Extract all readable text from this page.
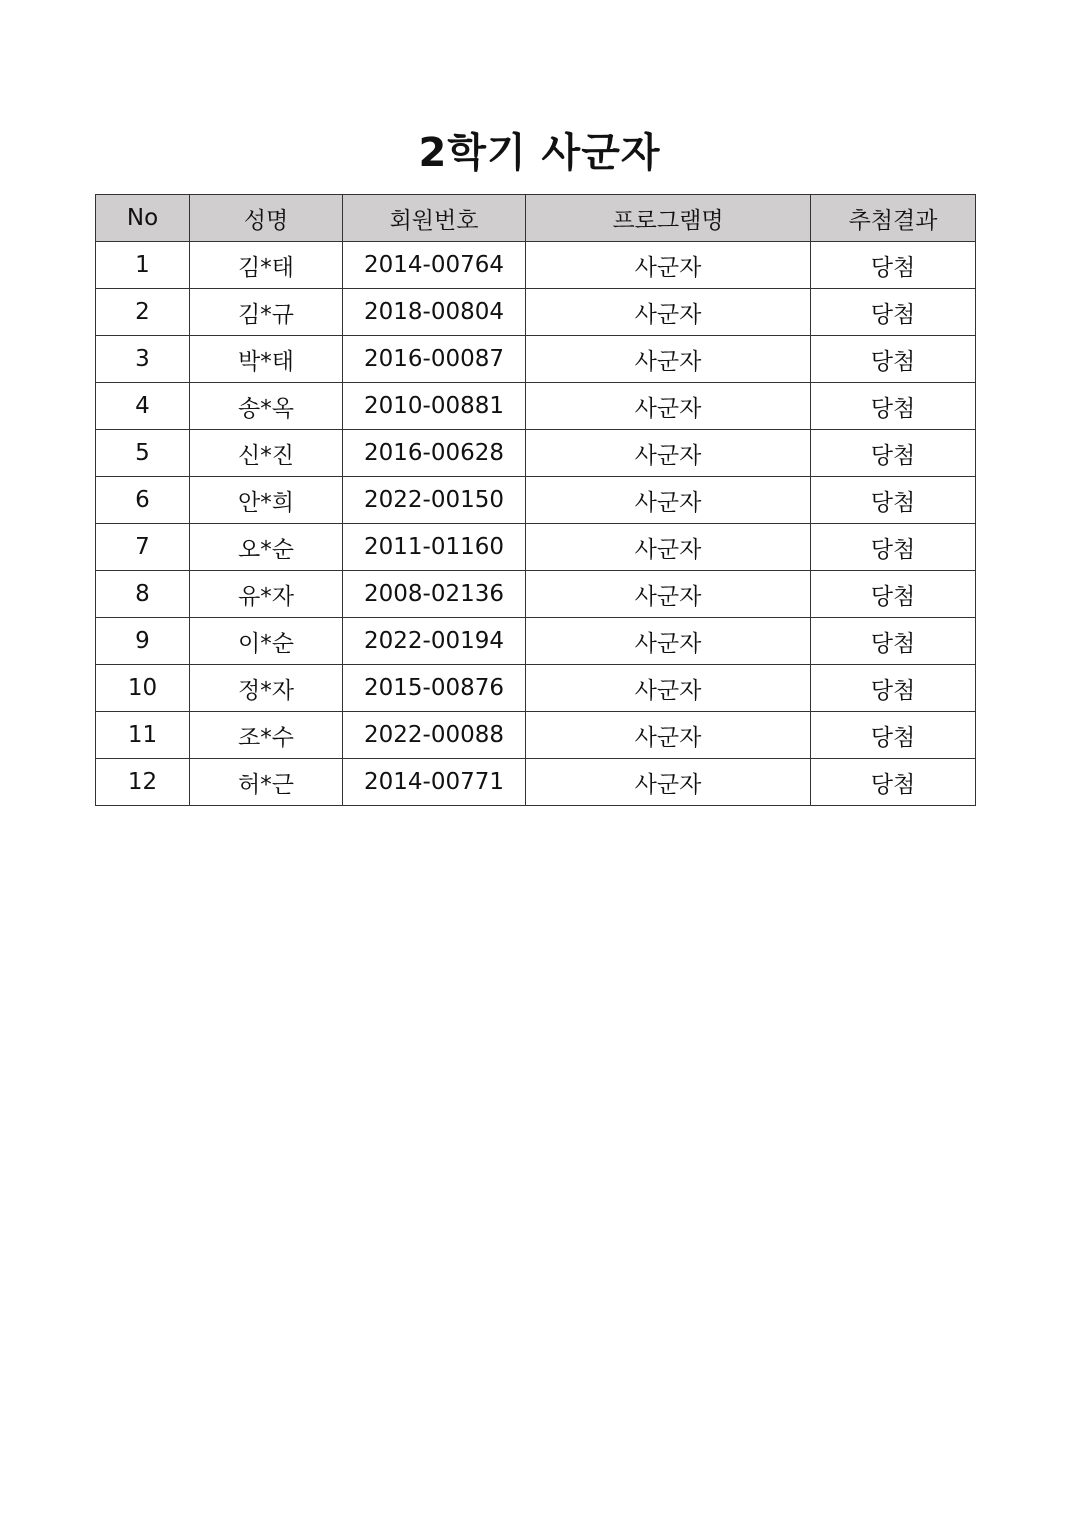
2학기 사군자
No	성명	회원번호	프로그램명	추첨결과
1	김*태	2014-00764	사군자	당첨
2	김*규	2018-00804	사군자	당첨
3	박*태	2016-00087	사군자	당첨
4	송*옥	2010-00881	사군자	당첨
5	신*진	2016-00628	사군자	당첨
6	안*희	2022-00150	사군자	당첨
7	오*순	2011-01160	사군자	당첨
8	유*자	2008-02136	사군자	당첨
9	이*순	2022-00194	사군자	당첨
10	정*자	2015-00876	사군자	당첨
11	조*수	2022-00088	사군자	당첨
12	허*근	2014-00771	사군자	당첨
